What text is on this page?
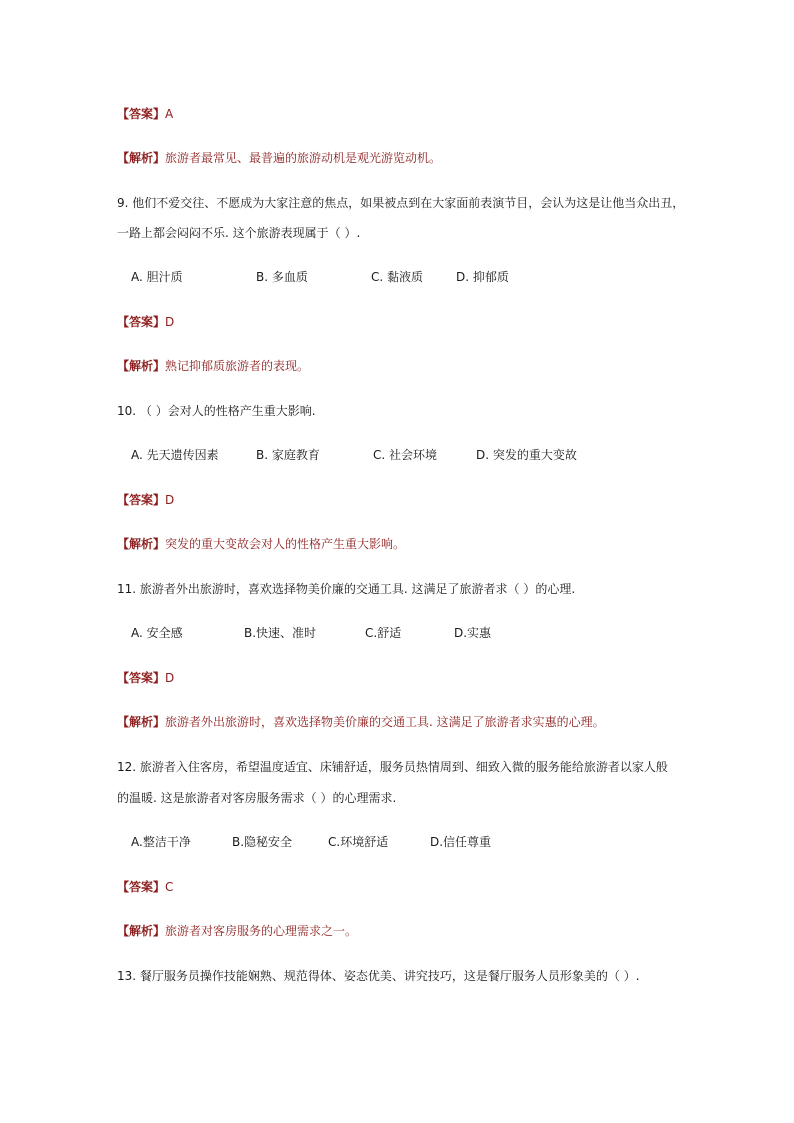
【答案】A
【解析】旅游者最常见、最普遍的旅游动机是观光游览动机。
9. 他们不爱交往、不愿成为大家注意的焦点，如果被点到在大家面前表演节目，会认为这是让他当众出丑，
一路上都会闷闷不乐. 这个旅游表现属于（ ）.
A. 胆汁质	B. 多血质	C. 黏液质	D. 抑郁质
【答案】D
【解析】熟记抑郁质旅游者的表现。
10. （ ）会对人的性格产生重大影响.
A. 先天遗传因素	B. 家庭教育	C. 社会环境	D. 突发的重大变故
【答案】D
【解析】突发的重大变故会对人的性格产生重大影响。
11. 旅游者外出旅游时，喜欢选择物美价廉的交通工具. 这满足了旅游者求（ ）的心理.
A. 安全感	B.快速、准时	C.舒适	D.实惠
【答案】D
【解析】旅游者外出旅游时，喜欢选择物美价廉的交通工具. 这满足了旅游者求实惠的心理。
12. 旅游者入住客房，希望温度适宜、床铺舒适，服务员热情周到、细致入微的服务能给旅游者以家人般
的温暖. 这是旅游者对客房服务需求（ ）的心理需求.
A.整洁干净	B.隐秘安全	C.环境舒适	D.信任尊重
【答案】C
【解析】旅游者对客房服务的心理需求之一。
13. 餐厅服务员操作技能娴熟、规范得体、姿态优美、讲究技巧，这是餐厅服务人员形象美的（ ）.
